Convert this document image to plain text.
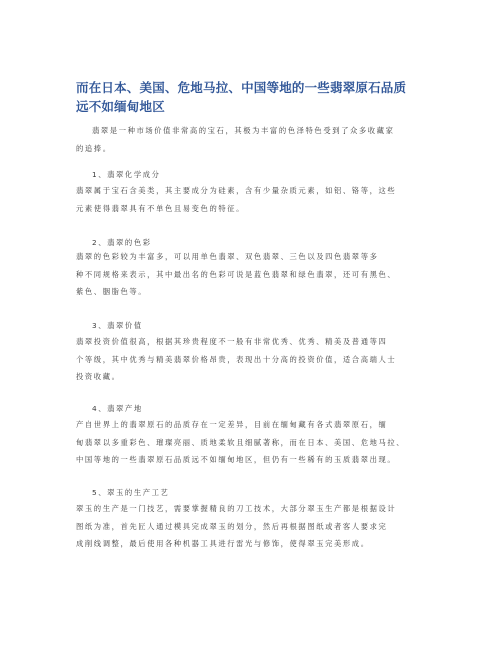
而在日本、美国、危地马拉、中国等地的一些翡翠原石品质
远不如缅甸地区
翡翠是一种市场价值非常高的宝石，其极为丰富的色泽特色受到了众多收藏家
的追捧。
1、翡翠化学成分
翡翠属于宝石含美类，其主要成分为硅素，含有少量杂质元素，如铝、铬等，这些
元素使得翡翠具有不单色且易变色的特征。
2、翡翠的色彩
翡翠的色彩较为丰富多，可以用单色翡翠、双色翡翠、三色以及四色翡翠等多
种不同规格来表示，其中最出名的色彩可说是蓝色翡翠和绿色翡翠，还可有黑色、
紫色、胭脂色等。
3、翡翠价值
翡翠投资价值很高，根据其珍贵程度不一般有非常优秀、优秀、精美及普通等四
个等级，其中优秀与精美翡翠价格昂贵，表现出十分高的投资价值，适合高端人士
投资收藏。
4、翡翠产地
产自世界上的翡翠原石的品质存在一定差异，目前在缅甸藏有各式翡翠原石，缅
甸翡翠以多重彩色、璀璨亮丽、质地柔软且细腻著称，而在日本、美国、危地马拉、
中国等地的一些翡翠原石品质远不如缅甸地区，但仍有一些稀有的玉质翡翠出现。
5、翠玉的生产工艺
翠玉的生产是一门技艺，需要掌握精良的刀工技术，大部分翠玉生产都是根据设计
图纸为准，首先匠人通过模具完成翠玉的划分，然后再根据图纸或者客人要求完
成削线调整，最后使用各种机器工具进行雷光与修饰，使得翠玉完美形成。
